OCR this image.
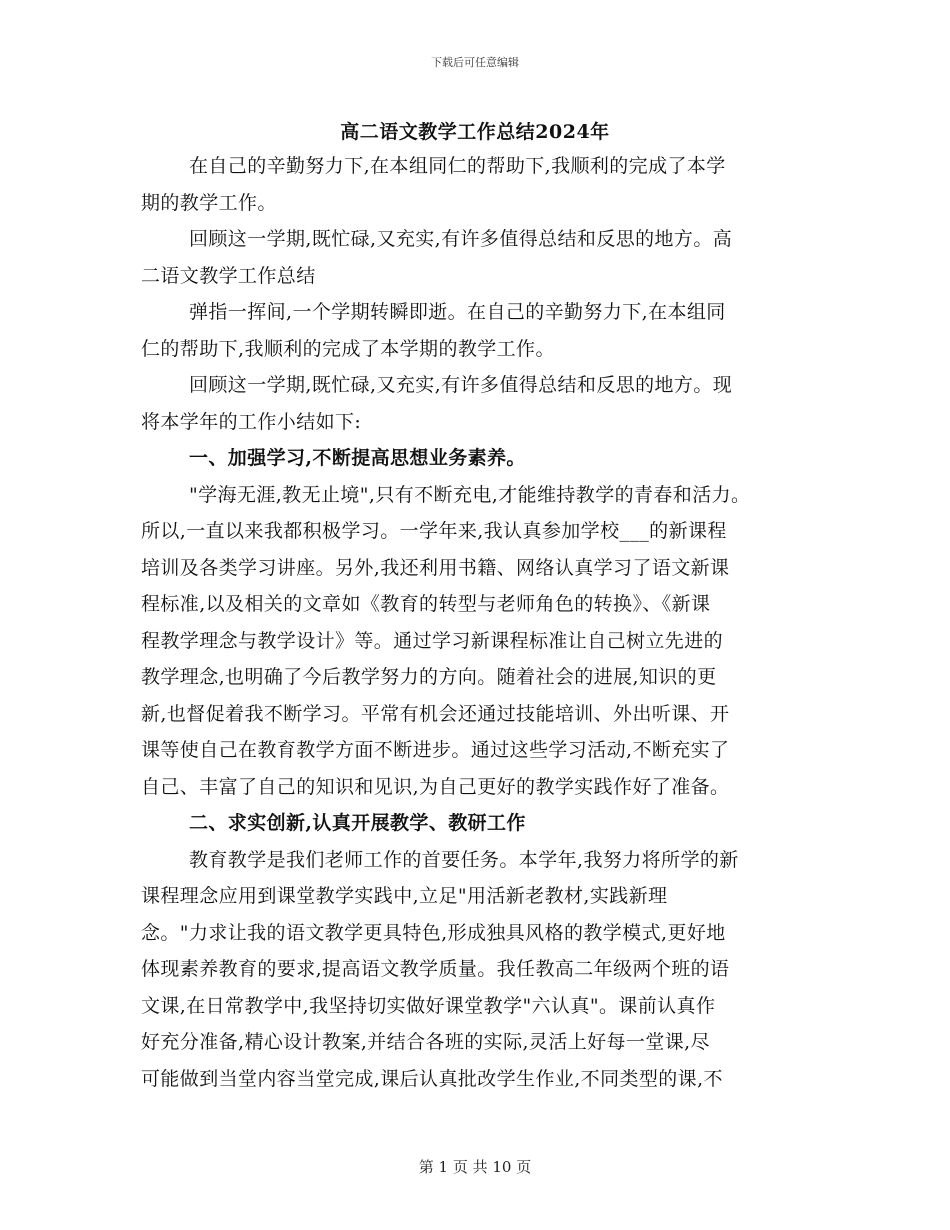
下载后可任意编辑
高二语文教学工作总结2024年
在自己的辛勤努力下,在本组同仁的帮助下,我顺利的完成了本学
期的教学工作。
回顾这一学期,既忙碌,又充实,有许多值得总结和反思的地方。高
二语文教学工作总结
弹指一挥间,一个学期转瞬即逝。在自己的辛勤努力下,在本组同
仁的帮助下,我顺利的完成了本学期的教学工作。
回顾这一学期,既忙碌,又充实,有许多值得总结和反思的地方。现
将本学年的工作小结如下:
一、加强学习,不断提高思想业务素养。
"学海无涯,教无止境",只有不断充电,才能维持教学的青春和活力。
所以,一直以来我都积极学习。一学年来,我认真参加学校___的新课程
培训及各类学习讲座。另外,我还利用书籍、网络认真学习了语文新课
程标准,以及相关的文章如《教育的转型与老师角色的转换》、《新课
程教学理念与教学设计》等。通过学习新课程标准让自己树立先进的
教学理念,也明确了今后教学努力的方向。随着社会的进展,知识的更
新,也督促着我不断学习。平常有机会还通过技能培训、外出听课、开
课等使自己在教育教学方面不断进步。通过这些学习活动,不断充实了
自己、丰富了自己的知识和见识,为自己更好的教学实践作好了准备。
二、求实创新,认真开展教学、教研工作
教育教学是我们老师工作的首要任务。本学年,我努力将所学的新
课程理念应用到课堂教学实践中,立足"用活新老教材,实践新理
念。"力求让我的语文教学更具特色,形成独具风格的教学模式,更好地
体现素养教育的要求,提高语文教学质量。我任教高二年级两个班的语
文课,在日常教学中,我坚持切实做好课堂教学"六认真"。课前认真作
好充分准备,精心设计教案,并结合各班的实际,灵活上好每一堂课,尽
可能做到当堂内容当堂完成,课后认真批改学生作业,不同类型的课,不
第 1 页 共 10 页
